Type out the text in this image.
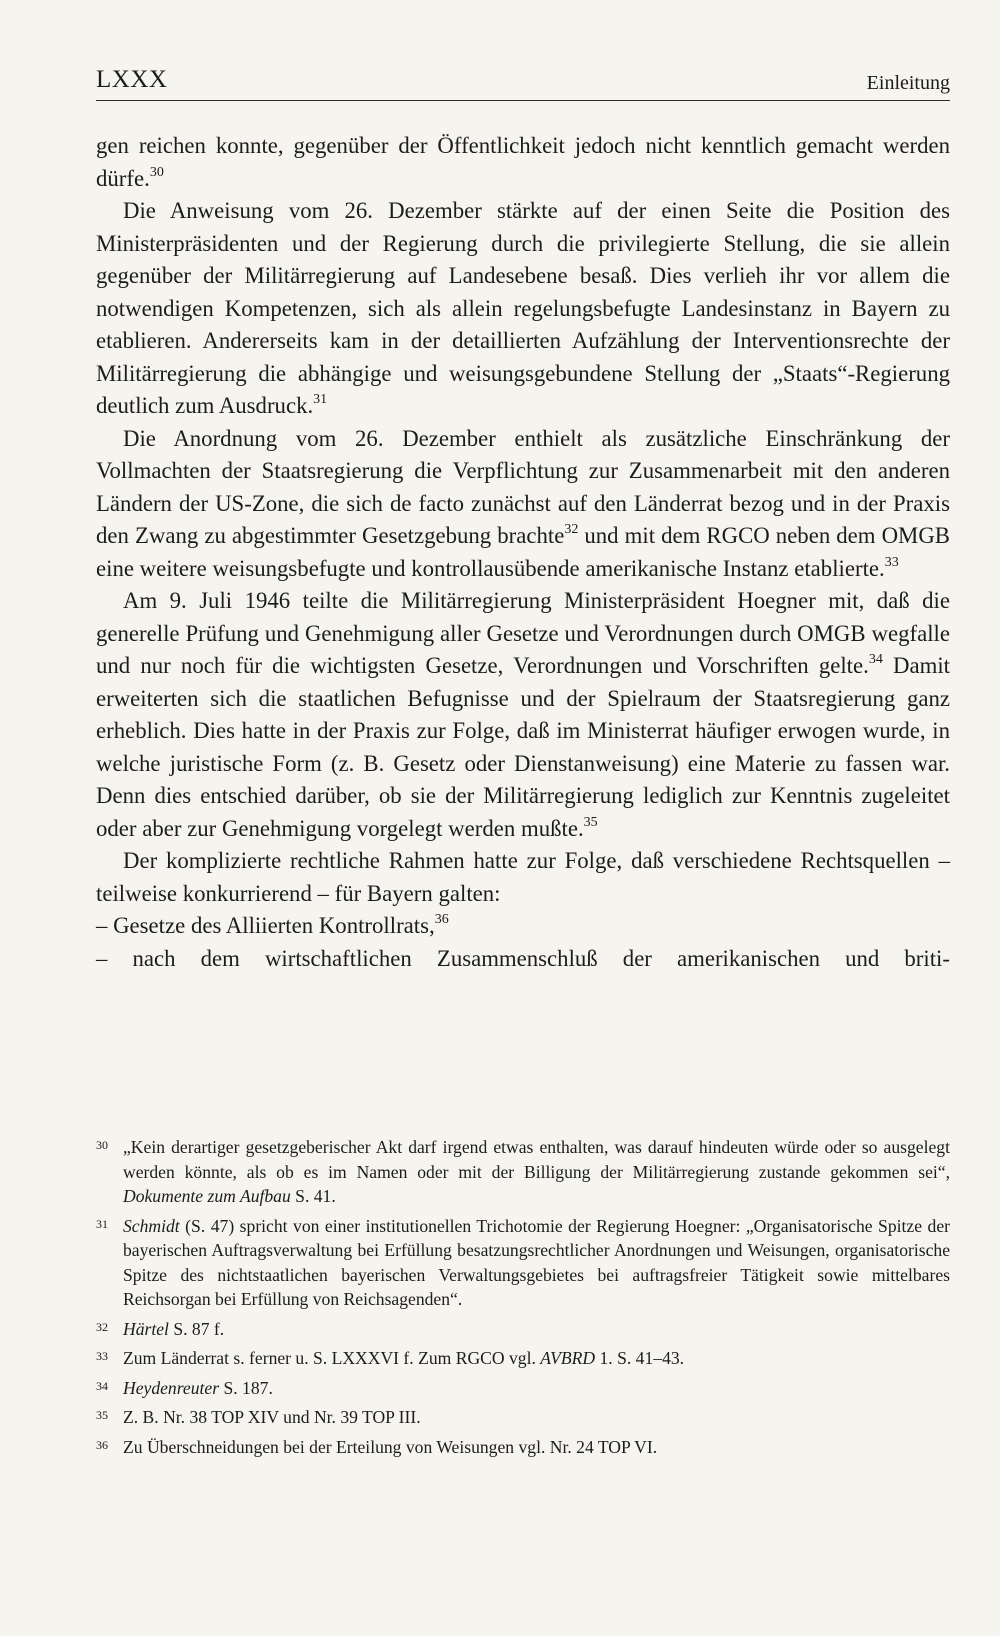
LXXX	Einleitung

gen reichen konnte, gegenüber der Öffentlichkeit jedoch nicht kenntlich gemacht werden dürfe.$^{30}$

Die Anweisung vom 26. Dezember stärkte auf der einen Seite die Position des Ministerpräsidenten und der Regierung durch die privilegierte Stellung, die sie allein gegenüber der Militärregierung auf Landesebene besaß. Dies verlieh ihr vor allem die notwendigen Kompetenzen, sich als allein regelungsbefugte Landesinstanz in Bayern zu etablieren. Andererseits kam in der detaillierten Aufzählung der Interventionsrechte der Militärregierung die abhängige und weisungsgebundene Stellung der „Staats“-Regierung deutlich zum Ausdruck.$^{31}$

Die Anordnung vom 26. Dezember enthielt als zusätzliche Einschränkung der Vollmachten der Staatsregierung die Verpflichtung zur Zusammenarbeit mit den anderen Ländern der US-Zone, die sich de facto zunächst auf den Länderrat bezog und in der Praxis den Zwang zu abgestimmter Gesetzgebung brachte$^{32}$ und mit dem RGCO neben dem OMGB eine weitere weisungsbefugte und kontrollausübende amerikanische Instanz etablierte.$^{33}$

Am 9. Juli 1946 teilte die Militärregierung Ministerpräsident Hoegner mit, daß die generelle Prüfung und Genehmigung aller Gesetze und Verordnungen durch OMGB wegfalle und nur noch für die wichtigsten Gesetze, Verordnungen und Vorschriften gelte.$^{34}$ Damit erweiterten sich die staatlichen Befugnisse und der Spielraum der Staatsregierung ganz erheblich. Dies hatte in der Praxis zur Folge, daß im Ministerrat häufiger erwogen wurde, in welche juristische Form (z. B. Gesetz oder Dienstanweisung) eine Materie zu fassen war. Denn dies entschied darüber, ob sie der Militärregierung lediglich zur Kenntnis zugeleitet oder aber zur Genehmigung vorgelegt werden mußte.$^{35}$

Der komplizierte rechtliche Rahmen hatte zur Folge, daß verschiedene Rechtsquellen – teilweise konkurrierend – für Bayern galten:

– Gesetze des Alliierten Kontrollrats,$^{36}$

– nach dem wirtschaftlichen Zusammenschluß der amerikanischen und briti-

30 „Kein derartiger gesetzgeberischer Akt darf irgend etwas enthalten, was darauf hindeuten würde oder so ausgelegt werden könnte, als ob es im Namen oder mit der Billigung der Militärregierung zustande gekommen sei“, Dokumente zum Aufbau S. 41.
31 Schmidt (S. 47) spricht von einer institutionellen Trichotomie der Regierung Hoegner: „Organisatorische Spitze der bayerischen Auftragsverwaltung bei Erfüllung besatzungsrechtlicher Anordnungen und Weisungen, organisatorische Spitze des nichtstaatlichen bayerischen Verwaltungsgebietes bei auftragsfreier Tätigkeit sowie mittelbares Reichsorgan bei Erfüllung von Reichsagenden“.
32 Härtel S. 87 f.
33 Zum Länderrat s. ferner u. S. LXXXVI f. Zum RGCO vgl. AVBRD 1. S. 41–43.
34 Heydenreuter S. 187.
35 Z. B. Nr. 38 TOP XIV und Nr. 39 TOP III.
36 Zu Überschneidungen bei der Erteilung von Weisungen vgl. Nr. 24 TOP VI.
